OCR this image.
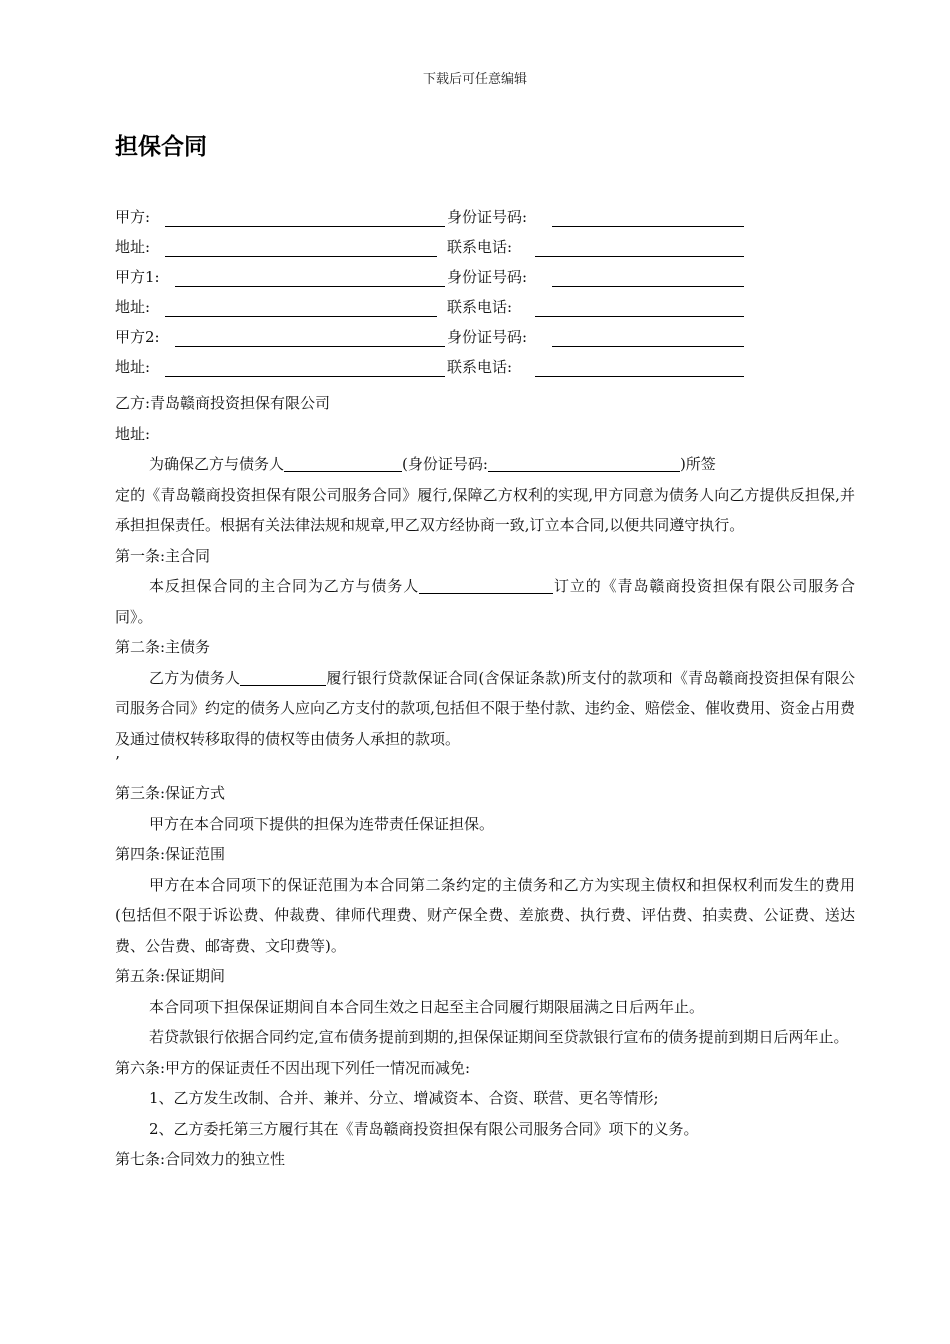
下载后可任意编辑
担保合同
甲方:	身份证号码:
地址:	联系电话:
甲方1:	身份证号码:
地址:	联系电话:
甲方2:	身份证号码:
地址:	联系电话:

乙方:青岛赣商投资担保有限公司

地址:

为确保乙方与债务人	(身份证号码:	)所签

定的《青岛赣商投资担保有限公司服务合同》履行,保障乙方权利的实现,甲方同意为债务人向乙方提供反担保,并承担担保责任。根据有关法律法规和规章,甲乙双方经协商一致,订立本合同,以便共同遵守执行。

第一条:主合同

本反担保合同的主合同为乙方与债务人	订立的《青岛赣商投资担保有限公司服务合同》。

第二条:主债务

乙方为债务人	履行银行贷款保证合同(含保证条款)所支付的款项和《青岛赣商投资担保有限公司服务合同》约定的债务人应向乙方支付的款项,包括但不限于垫付款、违约金、赔偿金、催收费用、资金占用费及通过债权转移取得的债权等由债务人承担的款项。

’

第三条:保证方式

甲方在本合同项下提供的担保为连带责任保证担保。

第四条:保证范围

甲方在本合同项下的保证范围为本合同第二条约定的主债务和乙方为实现主债权和担保权利而发生的费用(包括但不限于诉讼费、仲裁费、律师代理费、财产保全费、差旅费、执行费、评估费、拍卖费、公证费、送达费、公告费、邮寄费、文印费等)。

第五条:保证期间

本合同项下担保保证期间自本合同生效之日起至主合同履行期限届满之日后两年止。

若贷款银行依据合同约定,宣布债务提前到期的,担保保证期间至贷款银行宣布的债务提前到期日后两年止。

第六条:甲方的保证责任不因出现下列任一情况而减免:

1、乙方发生改制、合并、兼并、分立、增减资本、合资、联营、更名等情形;

2、乙方委托第三方履行其在《青岛赣商投资担保有限公司服务合同》项下的义务。

第七条:合同效力的独立性
